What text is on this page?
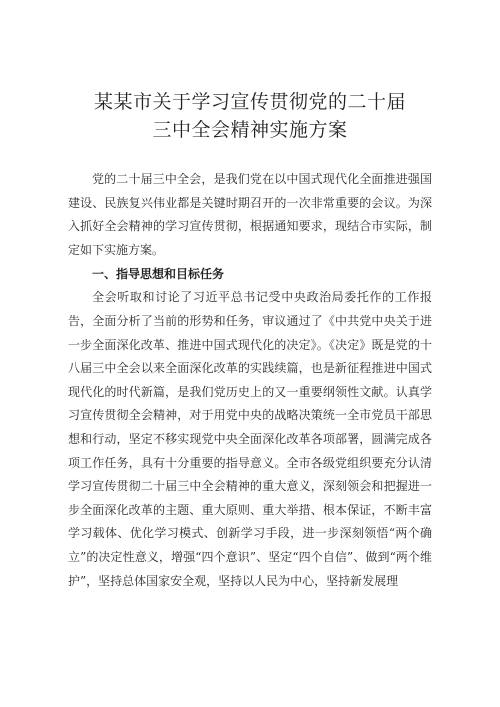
某某市关于学习宣传贯彻党的二十届
三中全会精神实施方案

党的二十届三中全会，是我们党在以中国式现代化全面推进强国建设、民族复兴伟业都是关键时期召开的一次非常重要的会议。为深入抓好全会精神的学习宣传贯彻，根据通知要求，现结合市实际，制定如下实施方案。

一、指导思想和目标任务

全会听取和讨论了习近平总书记受中央政治局委托作的工作报告，全面分析了当前的形势和任务，审议通过了《中共党中央关于进一步全面深化改革、推进中国式现代化的决定》。《决定》既是党的十八届三中全会以来全面深化改革的实践续篇，也是新征程推进中国式现代化的时代新篇，是我们党历史上的又一重要纲领性文献。认真学习宣传贯彻全会精神，对于用党中央的战略决策统一全市党员干部思想和行动，坚定不移实现党中央全面深化改革各项部署，圆满完成各项工作任务，具有十分重要的指导意义。全市各级党组织要充分认清学习宣传贯彻二十届三中全会精神的重大意义，深刻领会和把握进一步全面深化改革的主题、重大原则、重大举措、根本保证，不断丰富学习载体、优化学习模式、创新学习手段，进一步深刻领悟“两个确立”的决定性意义，增强“四个意识”、坚定“四个自信”、做到“两个维护”，坚持总体国家安全观，坚持以人民为中心，坚持新发展理
